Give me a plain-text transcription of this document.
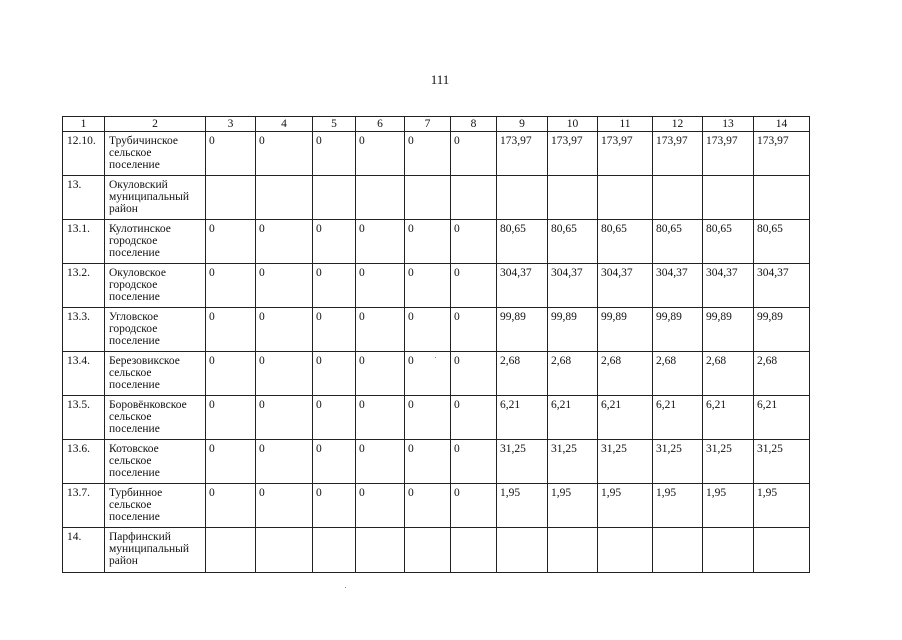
111
1	2	3	4	5	6	7	8	9	10	11	12	13	14
12.10.	Трубичинское сельское поселение	0	0	0	0	0	0	173,97	173,97	173,97	173,97	173,97	173,97
13.	Окуловский муниципальный район												
13.1.	Кулотинское городское поселение	0	0	0	0	0	0	80,65	80,65	80,65	80,65	80,65	80,65
13.2.	Окуловское городское поселение	0	0	0	0	0	0	304,37	304,37	304,37	304,37	304,37	304,37
13.3.	Угловское городское поселение	0	0	0	0	0	0	99,89	99,89	99,89	99,89	99,89	99,89
13.4.	Березовикское сельское поселение	0	0	0	0	0	0	2,68	2,68	2,68	2,68	2,68	2,68
13.5.	Боровёнковское сельское поселение	0	0	0	0	0	0	6,21	6,21	6,21	6,21	6,21	6,21
13.6.	Котовское сельское поселение	0	0	0	0	0	0	31,25	31,25	31,25	31,25	31,25	31,25
13.7.	Турбинное сельское поселение	0	0	0	0	0	0	1,95	1,95	1,95	1,95	1,95	1,95
14.	Парфинский муниципальный район												
